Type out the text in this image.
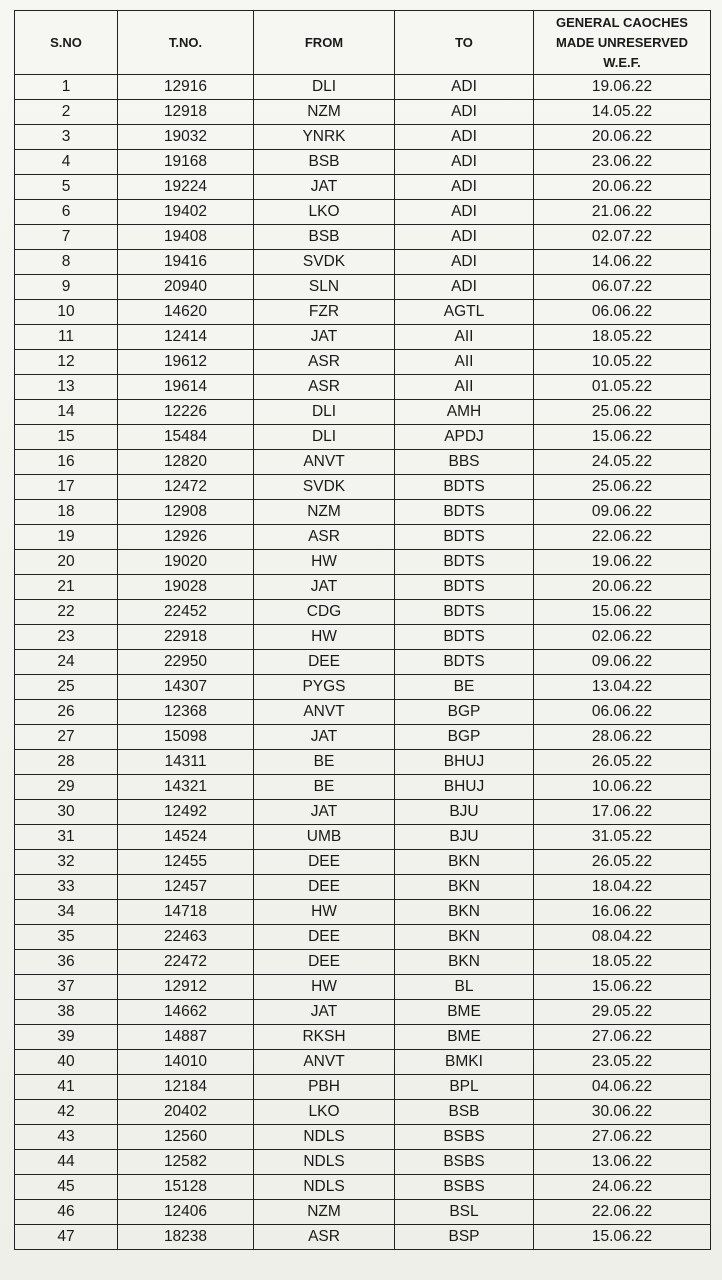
S.NO	T.NO.	FROM	TO	GENERAL CAOCHES
MADE UNRESERVED
W.E.F.

1	12916	DLI	ADI	19.06.22
2	12918	NZM	ADI	14.05.22
3	19032	YNRK	ADI	20.06.22
4	19168	BSB	ADI	23.06.22
5	19224	JAT	ADI	20.06.22
6	19402	LKO	ADI	21.06.22
7	19408	BSB	ADI	02.07.22
8	19416	SVDK	ADI	14.06.22
9	20940	SLN	ADI	06.07.22
10	14620	FZR	AGTL	06.06.22
11	12414	JAT	AII	18.05.22
12	19612	ASR	AII	10.05.22
13	19614	ASR	AII	01.05.22
14	12226	DLI	AMH	25.06.22
15	15484	DLI	APDJ	15.06.22
16	12820	ANVT	BBS	24.05.22
17	12472	SVDK	BDTS	25.06.22
18	12908	NZM	BDTS	09.06.22
19	12926	ASR	BDTS	22.06.22
20	19020	HW	BDTS	19.06.22
21	19028	JAT	BDTS	20.06.22
22	22452	CDG	BDTS	15.06.22
23	22918	HW	BDTS	02.06.22
24	22950	DEE	BDTS	09.06.22
25	14307	PYGS	BE	13.04.22
26	12368	ANVT	BGP	06.06.22
27	15098	JAT	BGP	28.06.22
28	14311	BE	BHUJ	26.05.22
29	14321	BE	BHUJ	10.06.22
30	12492	JAT	BJU	17.06.22
31	14524	UMB	BJU	31.05.22
32	12455	DEE	BKN	26.05.22
33	12457	DEE	BKN	18.04.22
34	14718	HW	BKN	16.06.22
35	22463	DEE	BKN	08.04.22
36	22472	DEE	BKN	18.05.22
37	12912	HW	BL	15.06.22
38	14662	JAT	BME	29.05.22
39	14887	RKSH	BME	27.06.22
40	14010	ANVT	BMKI	23.05.22
41	12184	PBH	BPL	04.06.22
42	20402	LKO	BSB	30.06.22
43	12560	NDLS	BSBS	27.06.22
44	12582	NDLS	BSBS	13.06.22
45	15128	NDLS	BSBS	24.06.22
46	12406	NZM	BSL	22.06.22
47	18238	ASR	BSP	15.06.22
